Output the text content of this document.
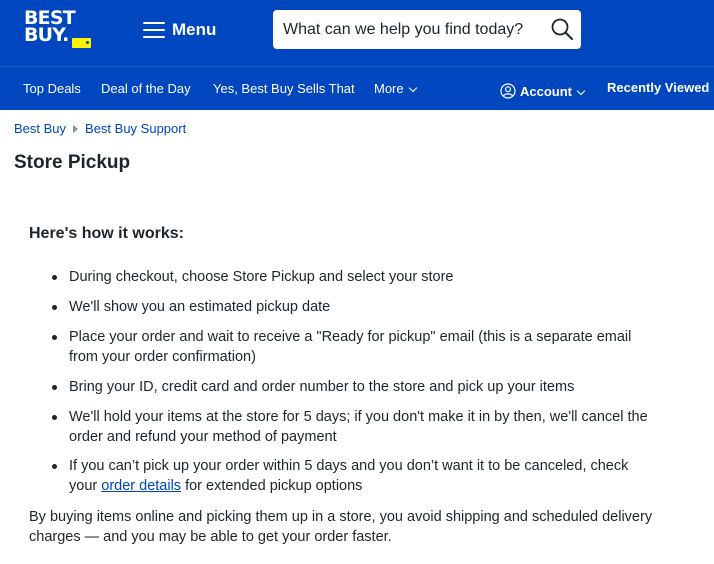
BEST
BUY.	Menu
What can we help you find today?
Top Deals Deal of the Day Yes, Best Buy Sells That More	Account	Recently Viewed
Best Buy Best Buy Support
Store Pickup
Here's how it works:
During checkout, choose Store Pickup and select your store
We'll show you an estimated pickup date
Place your order and wait to receive a "Ready for pickup" email (this is a separate email from your order confirmation)
Bring your ID, credit card and order number to the store and pick up your items
We'll hold your items at the store for 5 days; if you don't make it in by then, we'll cancel the order and refund your method of payment
If you can’t pick up your order within 5 days and you don’t want it to be canceled, check your order details for extended pickup options

By buying items online and picking them up in a store, you avoid shipping and scheduled delivery charges — and you may be able to get your order faster.
